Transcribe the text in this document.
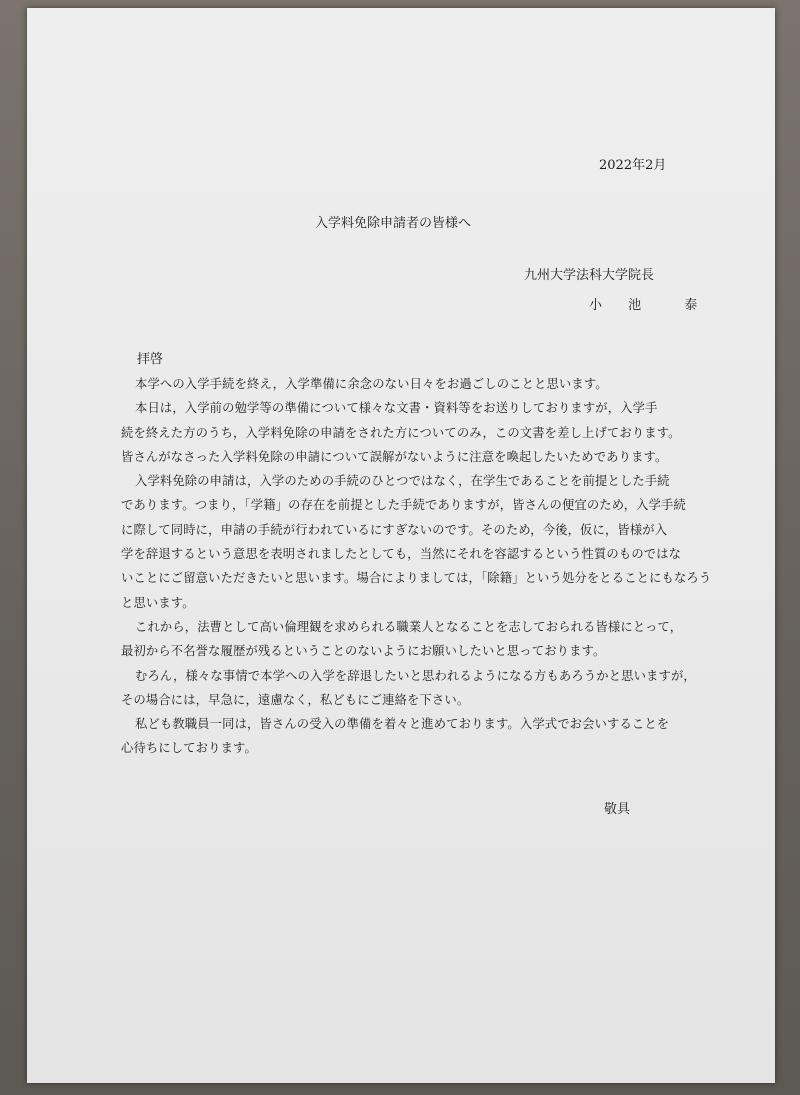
2022年2月
入学料免除申請者の皆様へ
九州大学法科大学院長
小 池　 泰
拝啓
本学への入学手続を終え，入学準備に余念のない日々をお過ごしのことと思います。
本日は，入学前の勉学等の準備について様々な文書・資料等をお送りしておりますが，入学手
続を終えた方のうち，入学料免除の申請をされた方についてのみ，この文書を差し上げております。
皆さんがなさった入学料免除の申請について誤解がないように注意を喚起したいためであります。
入学料免除の申請は，入学のための手続のひとつではなく，在学生であることを前提とした手続
であります。つまり，「学籍」の存在を前提とした手続でありますが，皆さんの便宜のため，入学手続
に際して同時に，申請の手続が行われているにすぎないのです。そのため，今後，仮に，皆様が入
学を辞退するという意思を表明されましたとしても，当然にそれを容認するという性質のものではな
いことにご留意いただきたいと思います。場合によりましては，「除籍」という処分をとることにもなろう
と思います。
これから，法曹として高い倫理観を求められる職業人となることを志しておられる皆様にとって，
最初から不名誉な履歴が残るということのないようにお願いしたいと思っております。
むろん，様々な事情で本学への入学を辞退したいと思われるようになる方もあろうかと思いますが，
その場合には，早急に，遠慮なく，私どもにご連絡を下さい。
私ども教職員一同は，皆さんの受入の準備を着々と進めております。入学式でお会いすることを
心待ちにしております。
敬具
